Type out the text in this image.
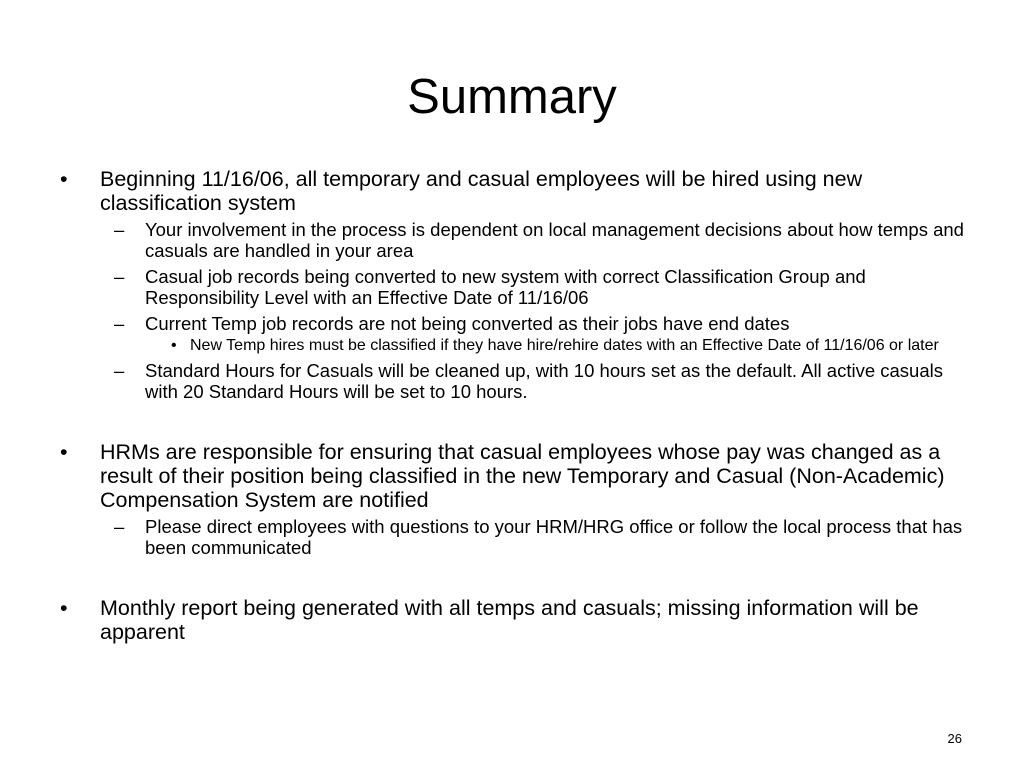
Summary
• Beginning 11/16/06, all temporary and casual employees will be hired using new classification system
– Your involvement in the process is dependent on local management decisions about how temps and casuals are handled in your area
– Casual job records being converted to new system with correct Classification Group and Responsibility Level with an Effective Date of 11/16/06
– Current Temp job records are not being converted as their jobs have end dates
• New Temp hires must be classified if they have hire/rehire dates with an Effective Date of 11/16/06 or later
– Standard Hours for Casuals will be cleaned up, with 10 hours set as the default. All active casuals with 20 Standard Hours will be set to 10 hours.
• HRMs are responsible for ensuring that casual employees whose pay was changed as a result of their position being classified in the new Temporary and Casual (Non-Academic) Compensation System are notified
– Please direct employees with questions to your HRM/HRG office or follow the local process that has been communicated
• Monthly report being generated with all temps and casuals; missing information will be apparent
26
